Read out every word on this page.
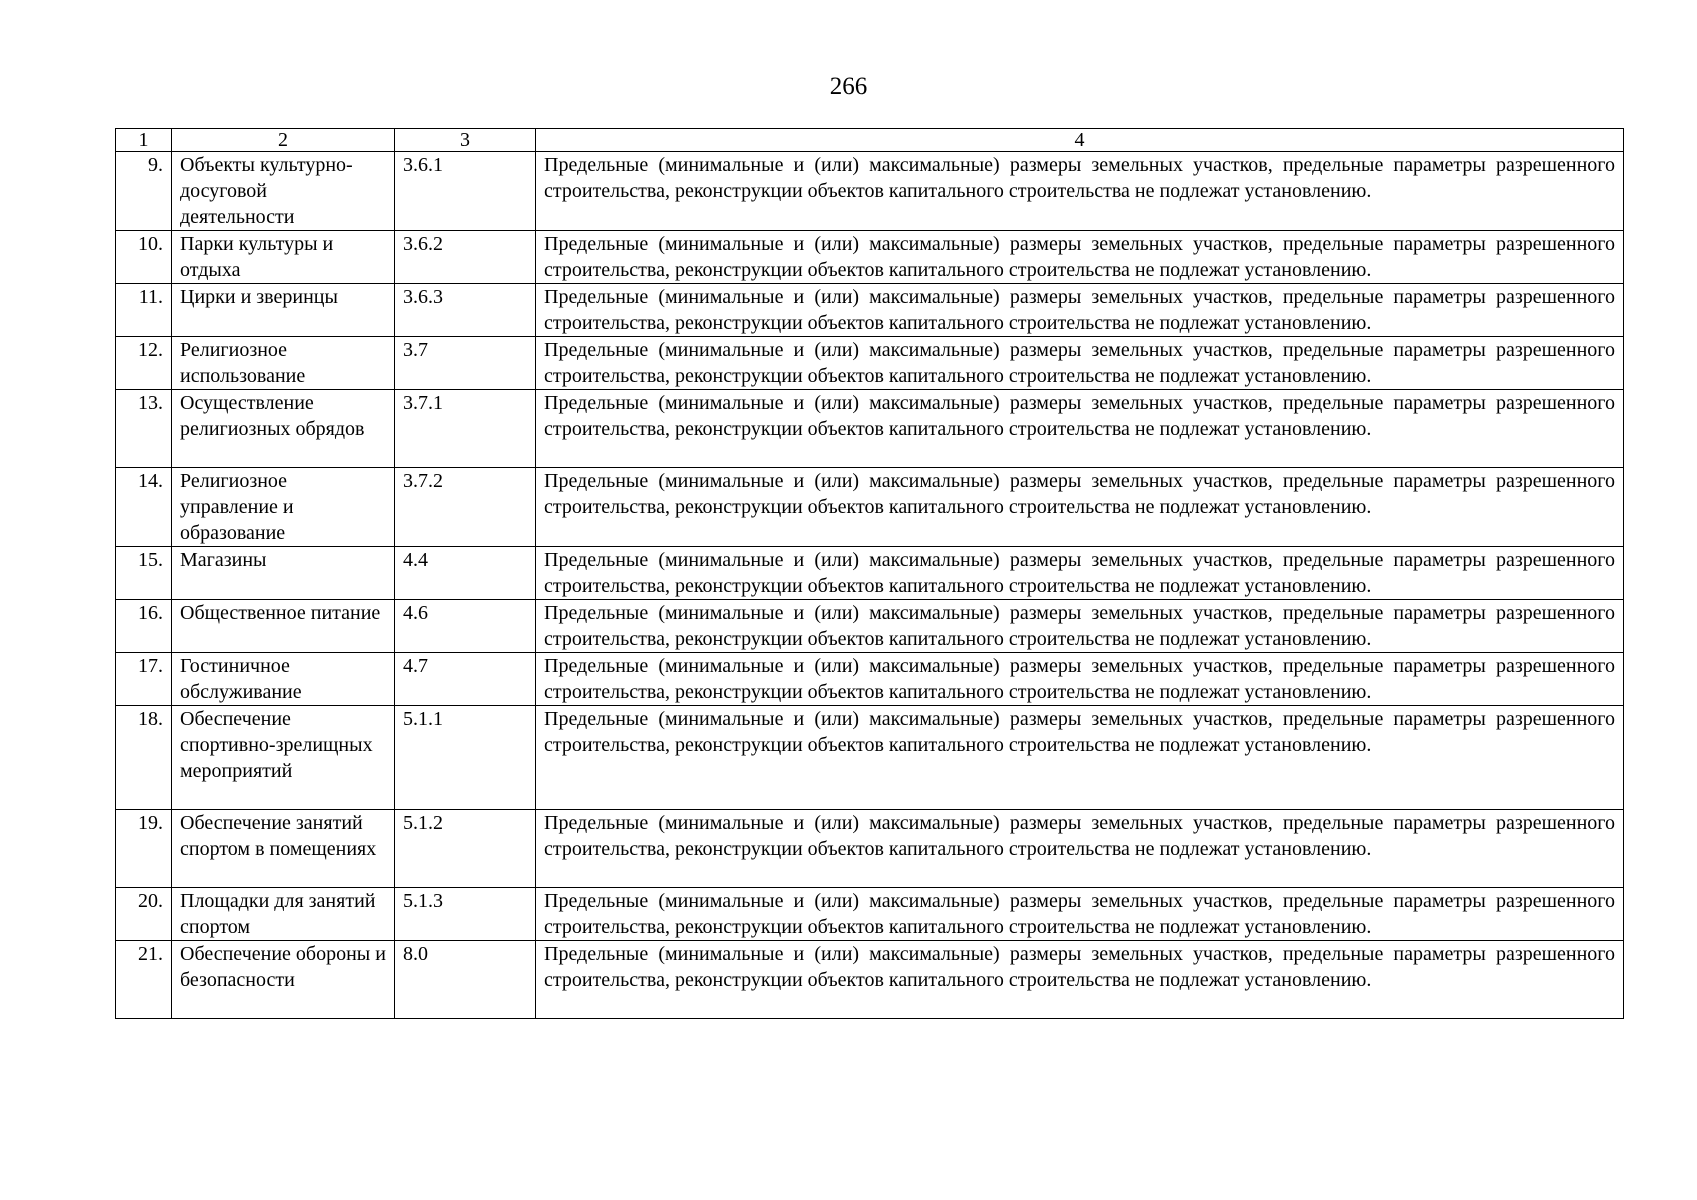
266
1	2	3	4
9.	Объекты культурно-досуговой деятельности	3.6.1	Предельные (минимальные и (или) максимальные) размеры земельных участков, предельные параметры разрешенного строительства, реконструкции объектов капитального строительства не подлежат установлению.
10.	Парки культуры и отдыха	3.6.2	Предельные (минимальные и (или) максимальные) размеры земельных участков, предельные параметры разрешенного строительства, реконструкции объектов капитального строительства не подлежат установлению.
11.	Цирки и зверинцы	3.6.3	Предельные (минимальные и (или) максимальные) размеры земельных участков, предельные параметры разрешенного строительства, реконструкции объектов капитального строительства не подлежат установлению.
12.	Религиозное использование	3.7	Предельные (минимальные и (или) максимальные) размеры земельных участков, предельные параметры разрешенного строительства, реконструкции объектов капитального строительства не подлежат установлению.
13.	Осуществление религиозных обрядов	3.7.1	Предельные (минимальные и (или) максимальные) размеры земельных участков, предельные параметры разрешенного строительства, реконструкции объектов капитального строительства не подлежат установлению.
14.	Религиозное управление и образование	3.7.2	Предельные (минимальные и (или) максимальные) размеры земельных участков, предельные параметры разрешенного строительства, реконструкции объектов капитального строительства не подлежат установлению.
15.	Магазины	4.4	Предельные (минимальные и (или) максимальные) размеры земельных участков, предельные параметры разрешенного строительства, реконструкции объектов капитального строительства не подлежат установлению.
16.	Общественное питание	4.6	Предельные (минимальные и (или) максимальные) размеры земельных участков, предельные параметры разрешенного строительства, реконструкции объектов капитального строительства не подлежат установлению.
17.	Гостиничное обслуживание	4.7	Предельные (минимальные и (или) максимальные) размеры земельных участков, предельные параметры разрешенного строительства, реконструкции объектов капитального строительства не подлежат установлению.
18.	Обеспечение спортивно-зрелищных мероприятий	5.1.1	Предельные (минимальные и (или) максимальные) размеры земельных участков, предельные параметры разрешенного строительства, реконструкции объектов капитального строительства не подлежат установлению.
19.	Обеспечение занятий спортом в помещениях	5.1.2	Предельные (минимальные и (или) максимальные) размеры земельных участков, предельные параметры разрешенного строительства, реконструкции объектов капитального строительства не подлежат установлению.
20.	Площадки для занятий спортом	5.1.3	Предельные (минимальные и (или) максимальные) размеры земельных участков, предельные параметры разрешенного строительства, реконструкции объектов капитального строительства не подлежат установлению.
21.	Обеспечение обороны и безопасности	8.0	Предельные (минимальные и (или) максимальные) размеры земельных участков, предельные параметры разрешенного строительства, реконструкции объектов капитального строительства не подлежат установлению.
